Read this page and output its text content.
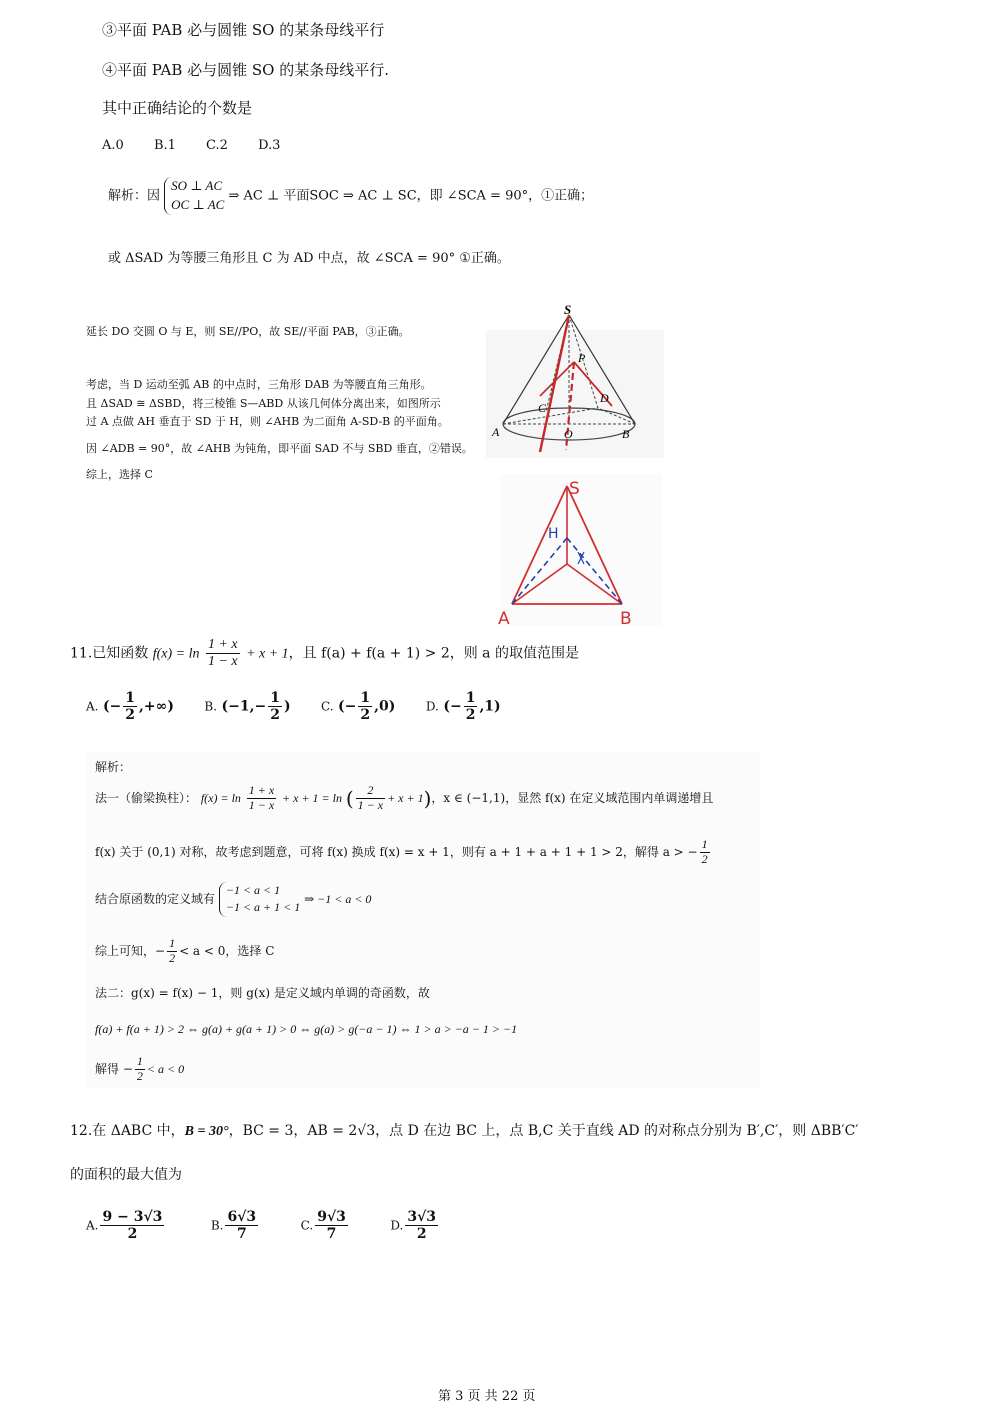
③平面 PAB 必与圆锥 SO 的某条母线平行
④平面 PAB 必与圆锥 SO 的某条母线平行.
其中正确结论的个数是
A.0 B.1 C.2 D.3
解析：因
SO ⊥ AC
OC ⊥ AC
⇒ AC ⊥ 平面SOC ⇒ AC ⊥ SC，即 ∠SCA = 90°，①正确；
或 ΔSAD 为等腰三角形且 C 为 AD 中点，故 ∠SCA = 90° ①正确。
延长 DO 交圆 O 与 E，则 SE//PO，故 SE//平面 PAB，③正确。
考虑，当 D 运动至弧 AB 的中点时，三角形 DAB 为等腰直角三角形。
且 ΔSAD ≅ ΔSBD，将三棱锥 S—ABD 从该几何体分离出来，如图所示
过 A 点做 AH 垂直于 SD 于 H，则 ∠AHB 为二面角 A-SD-B 的平面角。
因 ∠ADB = 90°，故 ∠AHB 为钝角，即平面 SAD 不与 SBD 垂直，②错误。
综上，选择 C
S
P
C
D
A	O	B
S
H
A	B
11.已知函数 $f(x) = \ln \frac{1 + x}{1 - x} + x + 1$，且 f(a) + f(a + 1) > 2，则 a 的取值范围是
A. (− $\frac{1}{2}$ ,+∞)	B. ($-1,- \frac{1}{2}$ )	C. (− $\frac{1}{2} ,0$)	D. (− $\frac{1}{2} ,1$)
解析：
法一（偷梁换柱）： $f(x) = \ln \frac{1 + x}{1 - x} + x + 1 = \ln$ ( $\frac{2}{1 - x} + x + 1$)，x ∈ (−1,1)，显然 f(x) 在定义域范围内单调递增且
f(x) 关于 (0,1) 对称，故考虑到题意，可将 f(x) 换成 f(x) = x + 1，则有 a + 1 + a + 1 + 1 > 2，解得 a > − $\frac{1}{2}$
结合原函数的定义域有
−1 < a < 1
−1 < a + 1 < 1
⇒ −1 < a < 0
综上可知，− $\frac{1}{2} < a < 0$，选择 C
法二：g(x) = f(x) − 1，则 g(x) 是定义域内单调的奇函数，故
f(a) + f(a + 1) > 2 ⇔ g(a) + g(a + 1) > 0 ⇔ g(a) > g(−a − 1) ⇔ 1 > a > −a − 1 > −1
解得 − $\frac{1}{2} < a < 0$
12.在 ΔABC 中，B = 30°，BC = 3，AB = 2√3，点 D 在边 BC 上，点 B,C 关于直线 AD 的对称点分别为 B′,C′，则 ΔBB′C′
的面积的最大值为
A. $\frac{9 - 3√3}{2}$	B. $\frac{6√3}{7}$	C. $\frac{9√3}{7}$	D. $\frac{3√3}{2}$
第 3 页 共 22 页
